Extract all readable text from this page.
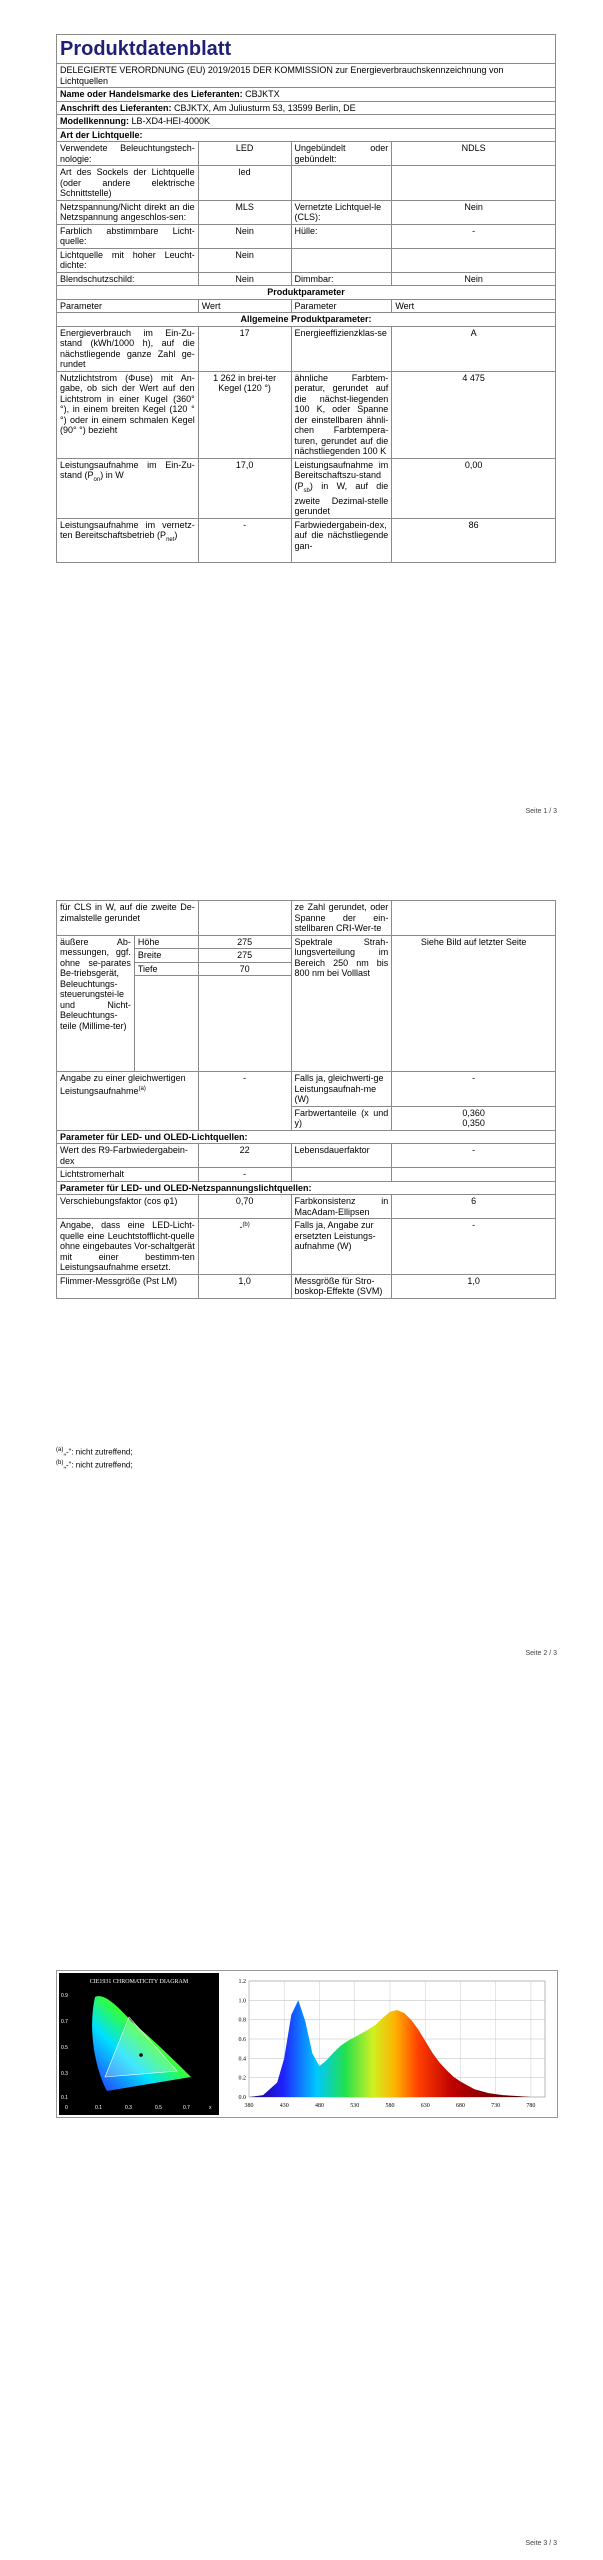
Produktdatenblatt			
DELEGIERTE VERORDNUNG (EU) 2019/2015 DER KOMMISSION zur Energieverbrauchskennzeichnung von Lichtquellen			
Name oder Handelsmarke des Lieferanten: CBJKTX			
Anschrift des Lieferanten: CBJKTX, Am Juliusturm 53, 13599 Berlin, DE			
Modellkennung: LB-XD4-HEI-4000K			
Art der Lichtquelle:			
Verwendete Beleuchtungstech-nologie:	LED	Ungebündelt oder gebündelt:	NDLS
Art des Sockels der Lichtquelle (oder andere elektrische Schnittstelle)	led		
Netzspannung/Nicht direkt an die Netzspannung angeschlos-sen:	MLS	Vernetzte Lichtquel-le (CLS):	Nein
Farblich abstimmbare Licht-quelle:	Nein	Hülle:	-
Lichtquelle mit hoher Leucht-dichte:	Nein		
Blendschutzschild:	Nein	Dimmbar:	Nein
Produktparameter			
Parameter	Wert	Parameter	Wert
Allgemeine Produktparameter:			
Energieverbrauch im Ein-Zu-stand (kWh/1000 h), auf die nächstliegende ganze Zahl ge-rundet	17	Energieeffizienzklas-se	A
Nutzlichtstrom (Φuse) mit An-gabe, ob sich der Wert auf den Lichtstrom in einer Kugel (360° °), in einem breiten Kegel (120 ° °) oder in einem schmalen Kegel (90° °) bezieht	1 262 in brei-ter Kegel (120 °)	ähnliche Farbtem-peratur, gerundet auf die nächst-liegenden 100 K, oder Spanne der einstellbaren ähnli-chen Farbtempera-turen, gerundet auf die nächstliegenden 100 K	4 475
Leistungsaufnahme im Ein-Zu-stand $(P_{on})$ in W	17,0	Leistungsaufnahme im Bereitschaftszu-stand $(P_{sb})$ in W, auf die zweite Dezimal-stelle gerundet	0,00
Leistungsaufnahme im vernetz-ten Bereitschaftsbetrieb $(P_{net})$	-	Farbwiedergabein-dex, auf die nächstliegende gan-	86
Seite 1 / 3
für CLS in W, auf die zweite De-zimalstelle gerundet			ze Zahl gerundet, oder Spanne der ein-stellbaren CRI-Wer-te	
äußere Ab-messungen, ggf. ohne se-parates Be-triebsgerät, Beleuchtungs-steuerungstei-le und Nicht-Beleuchtungs-teile (Millime-ter)	Höhe	275	Spektrale Strah-lungsverteilung im Bereich 250 nm bis 800 nm bei Volllast	Siehe Bild auf letzter Seite
	Breite	275		
	Tiefe	70		

Angabe zu einer gleichwertigen Leistungsaufnahme$^{(a)}$		-	Falls ja, gleichwerti-ge Leistungsaufnah-me (W)	-
			Farbwertanteile (x und y)	0,360
0,350
Parameter für LED- und OLED-Lichtquellen:				
Wert des R9-Farbwiedergabein-dex		22	Lebensdauerfaktor	-
Lichtstromerhalt		-		
Parameter für LED- und OLED-Netzspannungslichtquellen:				
Verschiebungsfaktor (cos φ1)		0,70	Farbkonsistenz in MacAdam-Ellipsen	6
Angabe, dass eine LED-Licht-quelle eine Leuchtstofflicht-quelle ohne eingebautes Vor-schaltgerät mit einer bestimm-ten Leistungsaufnahme ersetzt.		-$^{(b)}$	Falls ja, Angabe zur ersetzten Leistungs-aufnahme (W)	-
Flimmer-Messgröße (Pst LM)		1,0	Messgröße für Stro-boskop-Effekte (SVM)	1,0
$^{(a)}$„-“: nicht zutreffend;
$^{(b)}$„-“: nicht zutreffend;
Seite 2 / 3
CIE1931 CHROMATICITY DIAGRAM
0	0.1	0.3	0.5	0.7	x
0.9
0.7
0.5
0.3
0.1	0.0
0.2
0.4
0.6
0.8
1.0
1.2
380	430	480	530	580	630	680	730	780
Seite 3 / 3
